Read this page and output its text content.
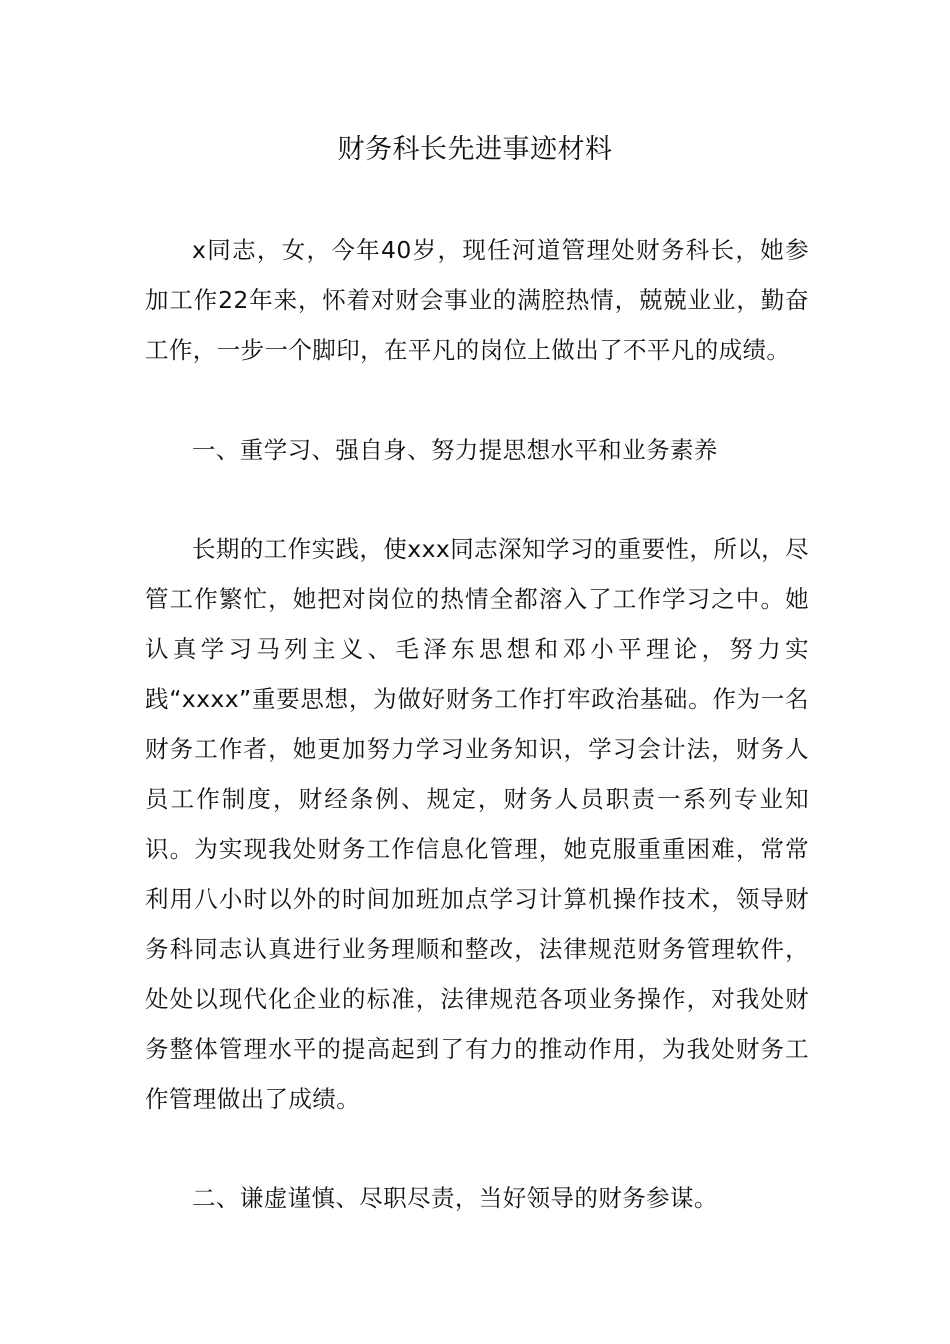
财务科长先进事迹材料

x同志，女，今年40岁，现任河道管理处财务科长，她参加工作22年来，怀着对财会事业的满腔热情，兢兢业业，勤奋工作，一步一个脚印，在平凡的岗位上做出了不平凡的成绩。

一、重学习、强自身、努力提思想水平和业务素养

长期的工作实践，使xxx同志深知学习的重要性，所以，尽管工作繁忙，她把对岗位的热情全都溶入了工作学习之中。她认真学习马列主义、毛泽东思想和邓小平理论，努力实践“xxxx”重要思想，为做好财务工作打牢政治基础。作为一名财务工作者，她更加努力学习业务知识，学习会计法，财务人员工作制度，财经条例、规定，财务人员职责一系列专业知识。为实现我处财务工作信息化管理，她克服重重困难，常常利用八小时以外的时间加班加点学习计算机操作技术，领导财务科同志认真进行业务理顺和整改，法律规范财务管理软件，处处以现代化企业的标准，法律规范各项业务操作，对我处财务整体管理水平的提高起到了有力的推动作用，为我处财务工作管理做出了成绩。

二、谦虚谨慎、尽职尽责，当好领导的财务参谋。
